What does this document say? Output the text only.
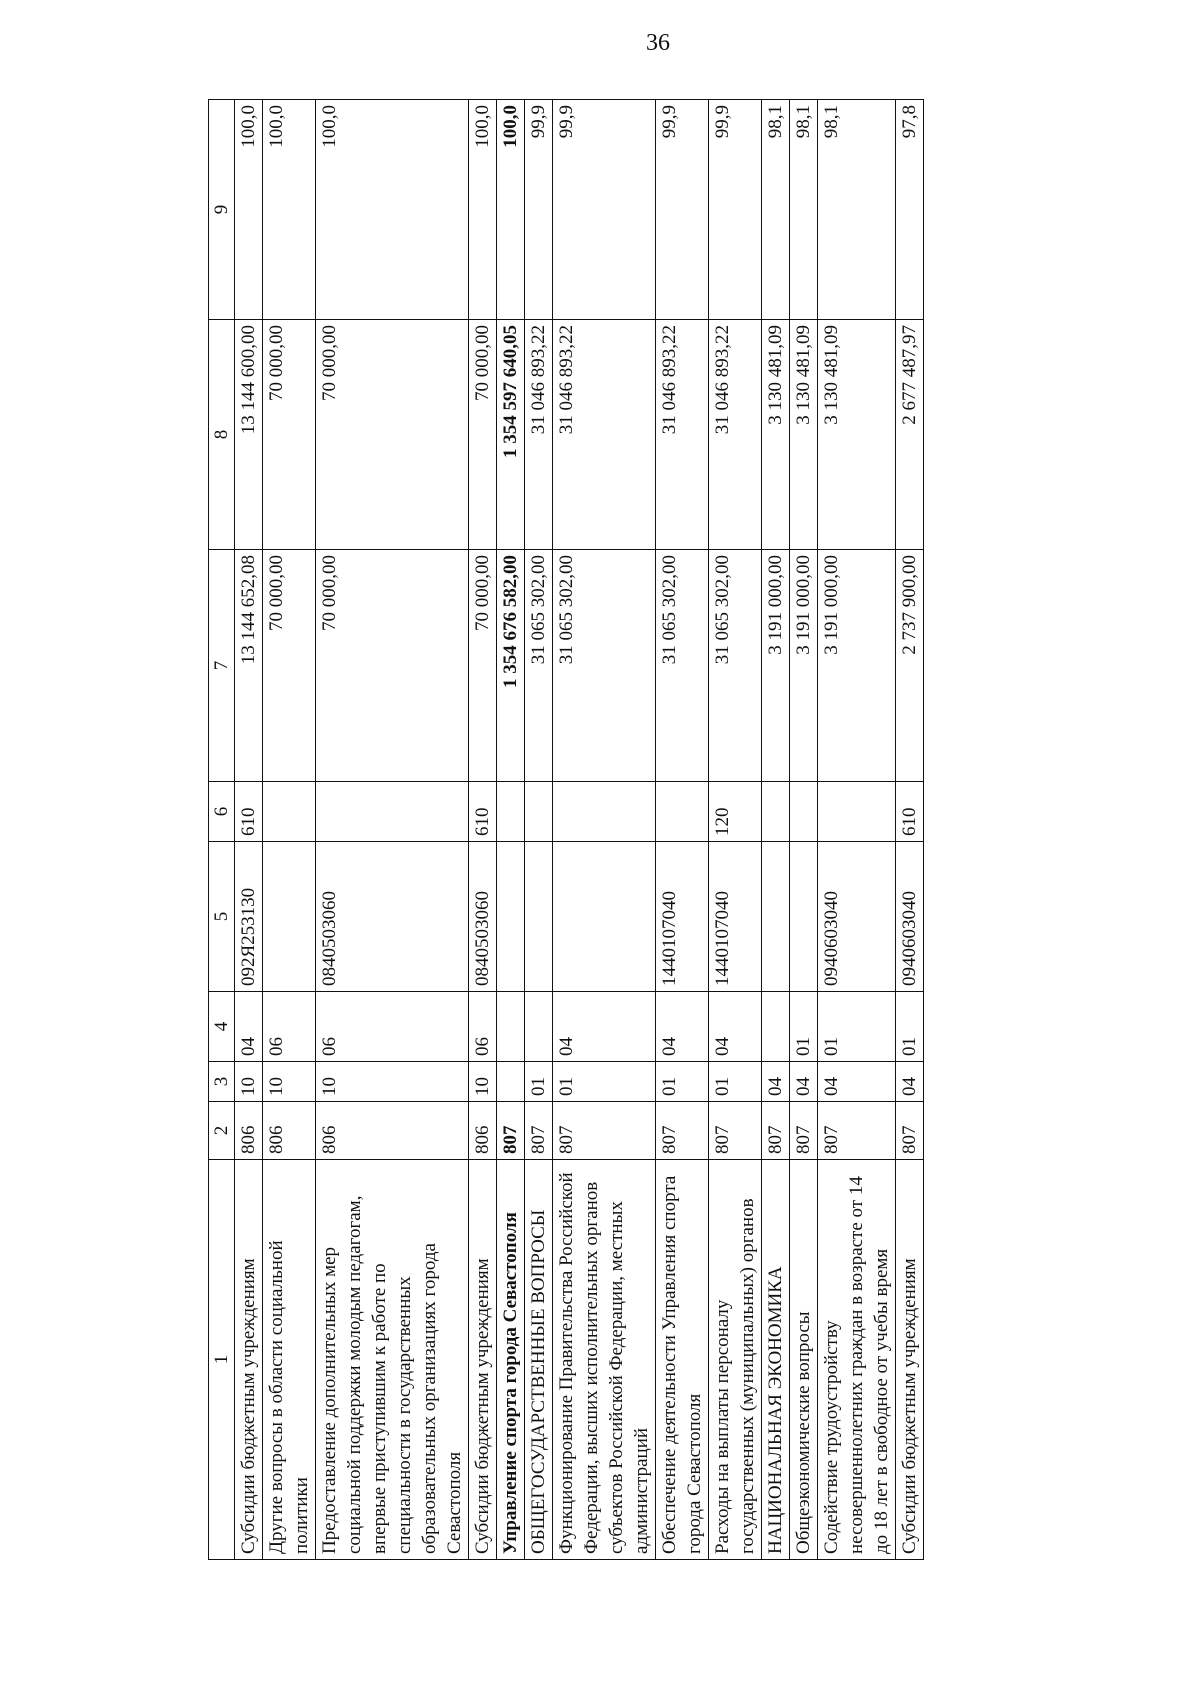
36
1	2	3	4	5	6	7	8	9
Субсидии бюджетным учреждениям	806	10	04	092Я253130	610	13 144 652,08	13 144 600,00	100,0
Другие вопросы в области социальной политики	806	10	06			70 000,00	70 000,00	100,0
Предоставление дополнительных мер социальной поддержки молодым педагогам, впервые приступившим к работе по специальности в государственных образовательных организациях города Севастополя	806	10	06	0840503060		70 000,00	70 000,00	100,0
Субсидии бюджетным учреждениям	806	10	06	0840503060	610	70 000,00	70 000,00	100,0
Управление спорта города Севастополя	807					1 354 676 582,00	1 354 597 640,05	100,0
ОБЩЕГОСУДАРСТВЕННЫЕ ВОПРОСЫ	807	01				31 065 302,00	31 046 893,22	99,9
Функционирование Правительства Российской Федерации, высших исполнительных органов субъектов Российской Федерации, местных администраций	807	01	04			31 065 302,00	31 046 893,22	99,9
Обеспечение деятельности Управления спорта города Севастополя	807	01	04	1440107040		31 065 302,00	31 046 893,22	99,9
Расходы на выплаты персоналу государственных (муниципальных) органов	807	01	04	1440107040	120	31 065 302,00	31 046 893,22	99,9
НАЦИОНАЛЬНАЯ ЭКОНОМИКА	807	04				3 191 000,00	3 130 481,09	98,1
Общеэкономические вопросы	807	04	01			3 191 000,00	3 130 481,09	98,1
Содействие трудоустройству несовершеннолетних граждан в возрасте от 14 до 18 лет в свободное от учебы время	807	04	01	0940603040		3 191 000,00	3 130 481,09	98,1
Субсидии бюджетным учреждениям	807	04	01	0940603040	610	2 737 900,00	2 677 487,97	97,8
